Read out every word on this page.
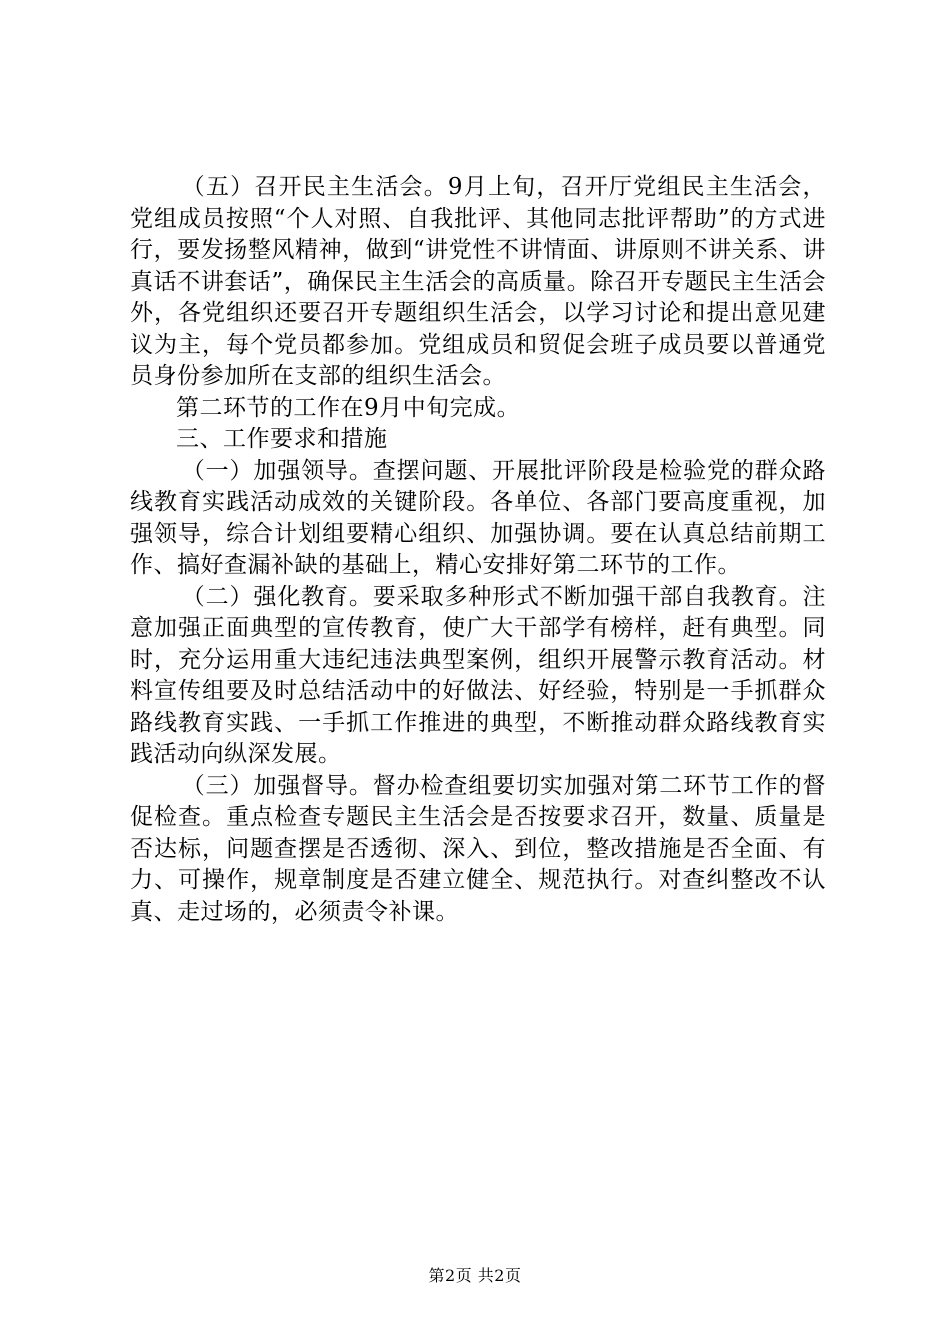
（五）召开民主生活会。9月上旬，召开厅党组民主生活会，党组成员按照“个人对照、自我批评、其他同志批评帮助”的方式进行，要发扬整风精神，做到“讲党性不讲情面、讲原则不讲关系、讲真话不讲套话”，确保民主生活会的高质量。除召开专题民主生活会外，各党组织还要召开专题组织生活会，以学习讨论和提出意见建议为主，每个党员都参加。党组成员和贸促会班子成员要以普通党员身份参加所在支部的组织生活会。

第二环节的工作在9月中旬完成。

三、工作要求和措施

（一）加强领导。查摆问题、开展批评阶段是检验党的群众路线教育实践活动成效的关键阶段。各单位、各部门要高度重视，加强领导，综合计划组要精心组织、加强协调。要在认真总结前期工作、搞好查漏补缺的基础上，精心安排好第二环节的工作。

（二）强化教育。要采取多种形式不断加强干部自我教育。注意加强正面典型的宣传教育，使广大干部学有榜样，赶有典型。同时，充分运用重大违纪违法典型案例，组织开展警示教育活动。材料宣传组要及时总结活动中的好做法、好经验，特别是一手抓群众路线教育实践、一手抓工作推进的典型，不断推动群众路线教育实践活动向纵深发展。

（三）加强督导。督办检查组要切实加强对第二环节工作的督促检查。重点检查专题民主生活会是否按要求召开，数量、质量是否达标，问题查摆是否透彻、深入、到位，整改措施是否全面、有力、可操作，规章制度是否建立健全、规范执行。对查纠整改不认真、走过场的，必须责令补课。

第2页 共2页
